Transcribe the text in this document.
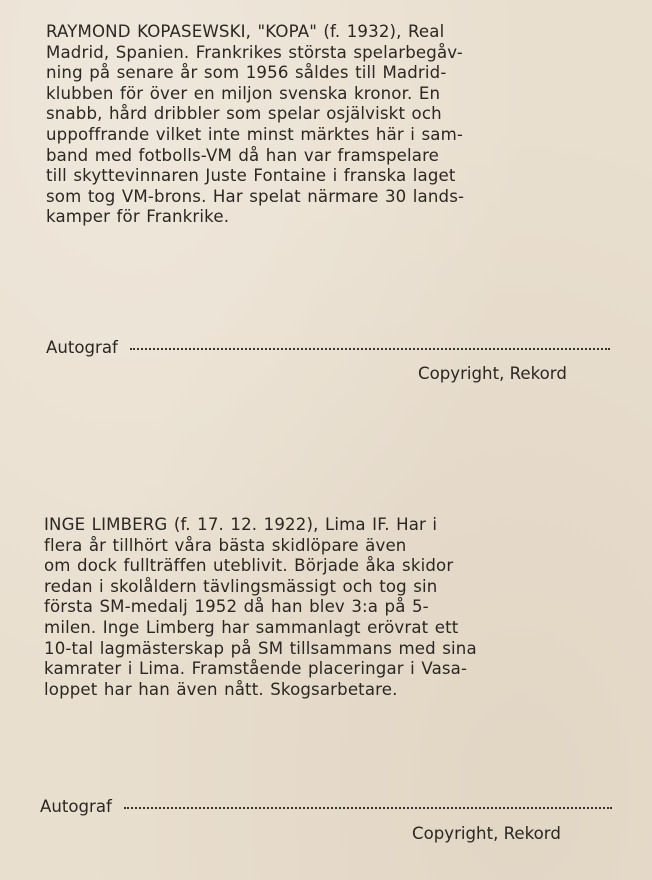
RAYMOND KOPASEWSKI, "KOPA" (f. 1932), Real
Madrid, Spanien. Frankrikes största spelarbegåv-
ning på senare år som 1956 såldes till Madrid-
klubben för över en miljon svenska kronor. En
snabb, hård dribbler som spelar osjälviskt och
uppoffrande vilket inte minst märktes här i sam-
band med fotbolls-VM då han var framspelare
till skyttevinnaren Juste Fontaine i franska laget
som tog VM-brons. Har spelat närmare 30 lands-
kamper för Frankrike.
Autograf
Copyright, Rekord
INGE LIMBERG (f. 17. 12. 1922), Lima IF. Har i
flera år tillhört våra bästa skidlöpare även
om dock fullträffen uteblivit. Började åka skidor
redan i skolåldern tävlingsmässigt och tog sin
första SM-medalj 1952 då han blev 3:a på 5-
milen. Inge Limberg har sammanlagt erövrat ett
10-tal lagmästerskap på SM tillsammans med sina
kamrater i Lima. Framstående placeringar i Vasa-
loppet har han även nått. Skogsarbetare.
Autograf
Copyright, Rekord
